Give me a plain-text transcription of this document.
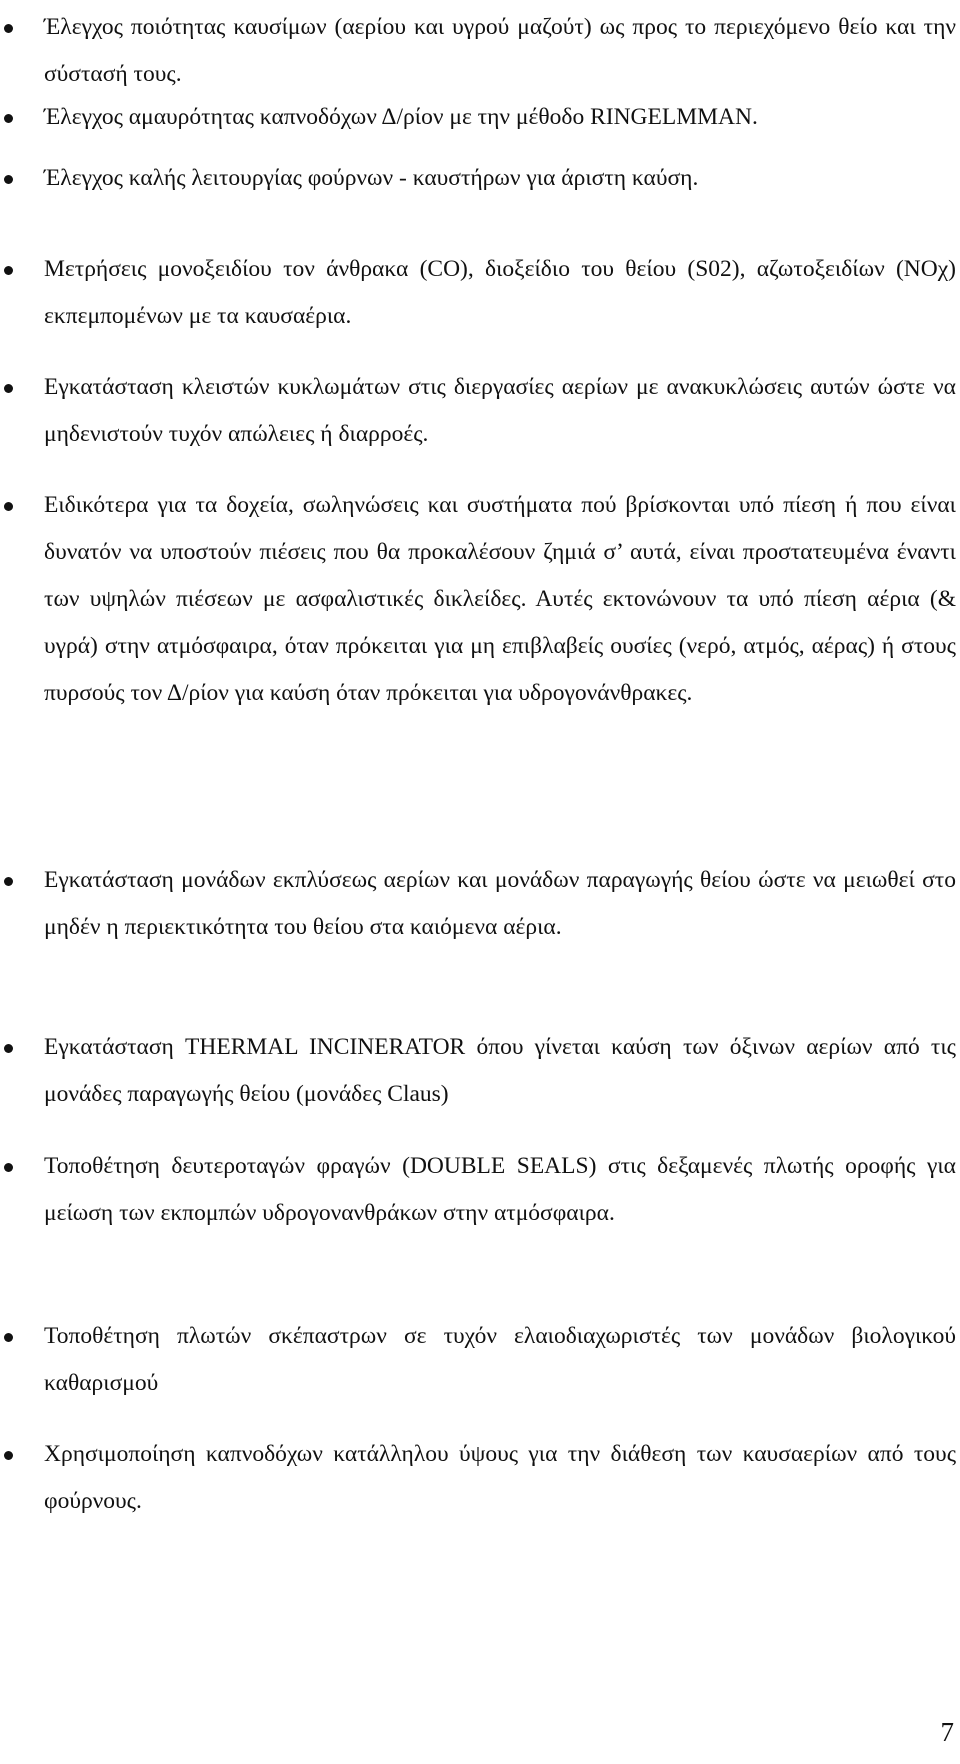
Έλεγχος ποιότητας καυσίμων (αερίου και υγρού μαζούτ) ως προς το περιεχόμενο θείο και την σύστασή τους.

Έλεγχος αμαυρότητας καπνοδόχων Δ/ρίον με την μέθοδο RINGELMMAN.

Έλεγχος καλής λειτουργίας φούρνων - καυστήρων για άριστη καύση.

Μετρήσεις μονοξειδίου τον άνθρακα (CO), διοξείδιο του θείου (S02), αζωτοξειδίων (NOχ) εκπεμπομένων με τα καυσαέρια.

Εγκατάσταση κλειστών κυκλωμάτων στις διεργασίες αερίων με ανακυκλώσεις αυτών ώστε να μηδενιστούν τυχόν απώλειες ή διαρροές.

Ειδικότερα για τα δοχεία, σωληνώσεις και συστήματα πού βρίσκονται υπό πίεση ή που είναι δυνατόν να υποστούν πιέσεις που θα προκαλέσουν ζημιά σ’ αυτά, είναι προστατευμένα έναντι των υψηλών πιέσεων με ασφαλιστικές δικλείδες. Αυτές εκτονώνουν τα υπό πίεση αέρια (& υγρά) στην ατμόσφαιρα, όταν πρόκειται για μη επιβλαβείς ουσίες (νερό, ατμός, αέρας) ή στους πυρσούς τον Δ/ρίον για καύση όταν πρόκειται για υδρογονάνθρακες.

Εγκατάσταση μονάδων εκπλύσεως αερίων και μονάδων παραγωγής θείου ώστε να μειωθεί στο μηδέν η περιεκτικότητα του θείου στα καιόμενα αέρια.

Εγκατάσταση THERMAL INCINERATOR όπου γίνεται καύση των όξινων αερίων από τις μονάδες παραγωγής θείου (μονάδες Claus)

Τοποθέτηση δευτεροταγών φραγών (DOUBLE SEALS) στις δεξαμενές πλωτής οροφής για μείωση των εκπομπών υδρογονανθράκων στην ατμόσφαιρα.

Τοποθέτηση πλωτών σκέπαστρων σε τυχόν ελαιοδιαχωριστές των μονάδων βιολογικού καθαρισμού

Χρησιμοποίηση καπνοδόχων κατάλληλου ύψους για την διάθεση των καυσαερίων από τους φούρνους.

7
